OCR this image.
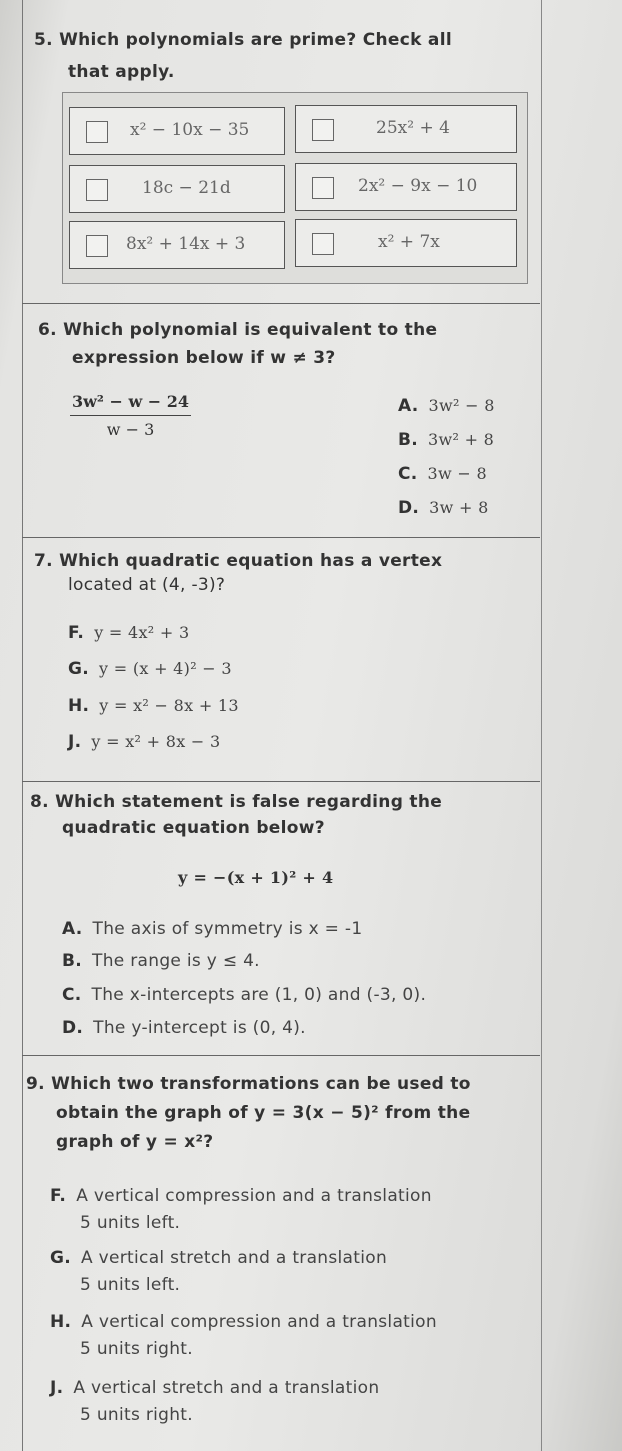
5. Which polynomials are prime? Check all
that apply.
x² − 10x − 35	25x² + 4
18c − 21d	2x² − 9x − 10
8x² + 14x + 3	x² + 7x
6. Which polynomial is equivalent to the
expression below if w ≠ 3?
$\frac{\text{3w² − w − 24}}{w - 3}$	A. 3w² − 8
B. 3w² + 8
C. 3w − 8
D. 3w + 8
7. Which quadratic equation has a vertex
located at (4, -3)?
F. y = 4x² + 3
G. y = (x + 4)² − 3
H. y = x² − 8x + 13
J. y = x² + 8x − 3
8. Which statement is false regarding the
quadratic equation below?
y = −(x + 1)² + 4
A. The axis of symmetry is x = -1
B. The range is y ≤ 4.
C. The x-intercepts are (1, 0) and (-3, 0).
D. The y-intercept is (0, 4).
9. Which two transformations can be used to
obtain the graph of y = 3(x − 5)² from the
graph of y = x²?
F. A vertical compression and a translation
5 units left.
G. A vertical stretch and a translation
5 units left.
H. A vertical compression and a translation
5 units right.
J. A vertical stretch and a translation
5 units right.
